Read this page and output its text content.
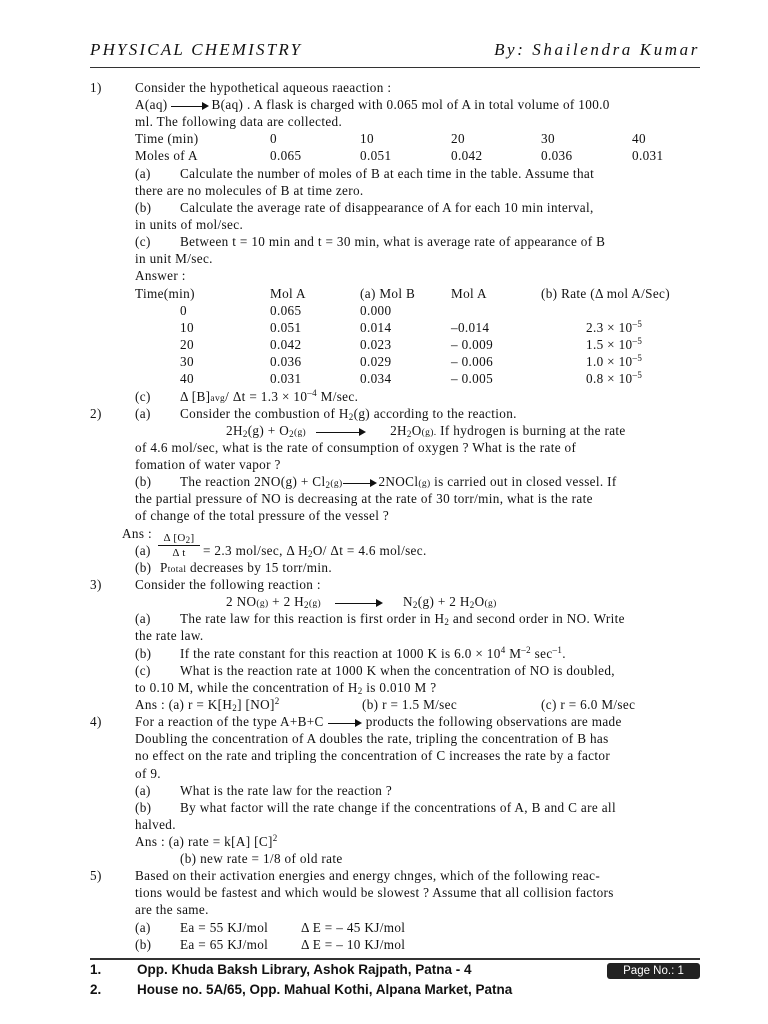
PHYSICAL CHEMISTRY	By: Shailendra Kumar
1)	Consider the hypothetical aqueous raeaction :
A(aq)	B(aq) . A flask is charged with 0.065 mol of A in total volume of 100.0
ml. The following data are collected.
Time (min)	0	10	20	30	40
Moles of A	0.065	0.051	0.042	0.036	0.031
(a) Calculate the number of moles of B at each time in the table. Assume that
there are no molecules of B at time zero.
(b) Calculate the average rate of disappearance of A for each 10 min interval,
in units of mol/sec.
(c) Between t = 10 min and t = 30 min, what is average rate of appearance of B
in unit M/sec.
Answer :
Time(min)	Mol A	(a) Mol B	Mol A	(b) Rate (Δ mol A/Sec)
0	0.065	0.000
10	0.051	0.014	–0.014	$2.3 \times 10^{-5}$
20	0.042	0.023	– 0.009	$1.5 \times 10^{-5}$
30	0.036	0.029	– 0.006	$1.0 \times 10^{-5}$
40	0.031	0.034	– 0.005	$0.8 \times 10^{-5}$
(c) Δ [B]avg/ $\Delta t = 1.3 \times 10^{-4}$ M/sec.
2)	(a) Consider the combustion of $H_2(g)$ according to the reaction.
$2H_2(g) + O_2(g)$	$2H_2O(g)$. If hydrogen is burning at the rate
of 4.6 mol/sec, what is the rate of consumption of oxygen ? What is the rate of
fomation of water vapor ?
(b) The reaction $2NO(g) + Cl_2(g)$	2NOCl(g) is carried out in closed vessel. If
the partial pressure of NO is decreasing at the rate of 30 torr/min, what is the rate
of change of the total pressure of the vessel ?
Ans :	Δ $[O_2]$
Δ t
(a)	= 2.3 mol/sec, Δ $H_2O/$ Δt = 4.6 mol/sec.
(b) Ptotal decreases by 15 torr/min.
3)	Consider the following reaction :
2 NO(g) + 2 $H_2(g)$	$N_2(g) + 2$ $H_2O(g)$
(a) The rate law for this reaction is first order in $H_2$ and second order in NO. Write
the rate law.
(b) If the rate constant for this reaction at 1000 K is $6.0 \times 10^4$ $M^{-2}$ $\sec^{-1}$.
(c) What is the reaction rate at 1000 K when the concentration of NO is doubled,
to 0.10 M, while the concentration of $H_2$ is 0.010 M ?
Ans : (a) $r = K[H_2]$ [NO]$^2$	(b) r = 1.5 M/sec	(c) r = 6.0 M/sec
4)	For a reaction of the type A+B+C	products the following observations are made
Doubling the concentration of A doubles the rate, tripling the concentration of B has
no effect on the rate and tripling the concentration of C increases the rate by a factor
of 9.
(a) What is the rate law for the reaction ?
(b) By what factor will the rate change if the concentrations of A, B and C are all
halved.
Ans : (a) rate = k[A] $[C]^2$
(b) new rate = 1/8 of old rate
5)	Based on their activation energies and energy chnges, which of the following reac-
tions would be fastest and which would be slowest ? Assume that all collision factors
are the same.
(a) Ea = 55 KJ/mol Δ E = – 45 KJ/mol
(b) Ea = 65 KJ/mol Δ E = – 10 KJ/mol
1.	Opp. Khuda Baksh Library, Ashok Rajpath, Patna - 4
2.	House no. 5A/65, Opp. Mahual Kothi, Alpana Market, Patna
Page No.: 1
